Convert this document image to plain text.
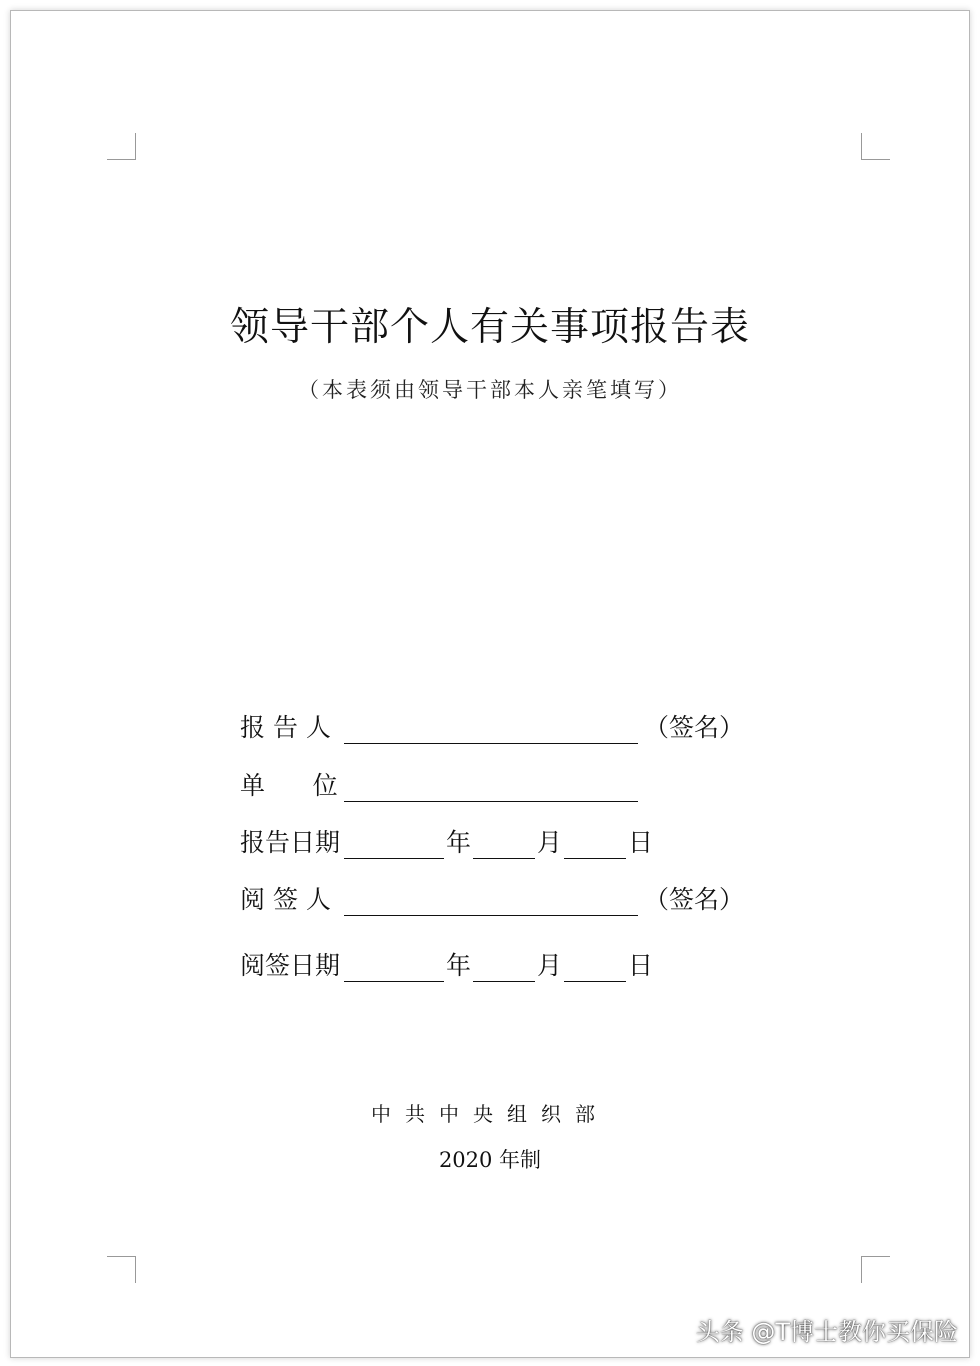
领导干部个人有关事项报告表
（本表须由领导干部本人亲笔填写）
报 告 人	（签名）
单      位
报告日期	年	月	日
阅 签 人	（签名）
阅签日期	年	月	日
中共中央组织部
2020 年制
头条 @T博士教你买保险
